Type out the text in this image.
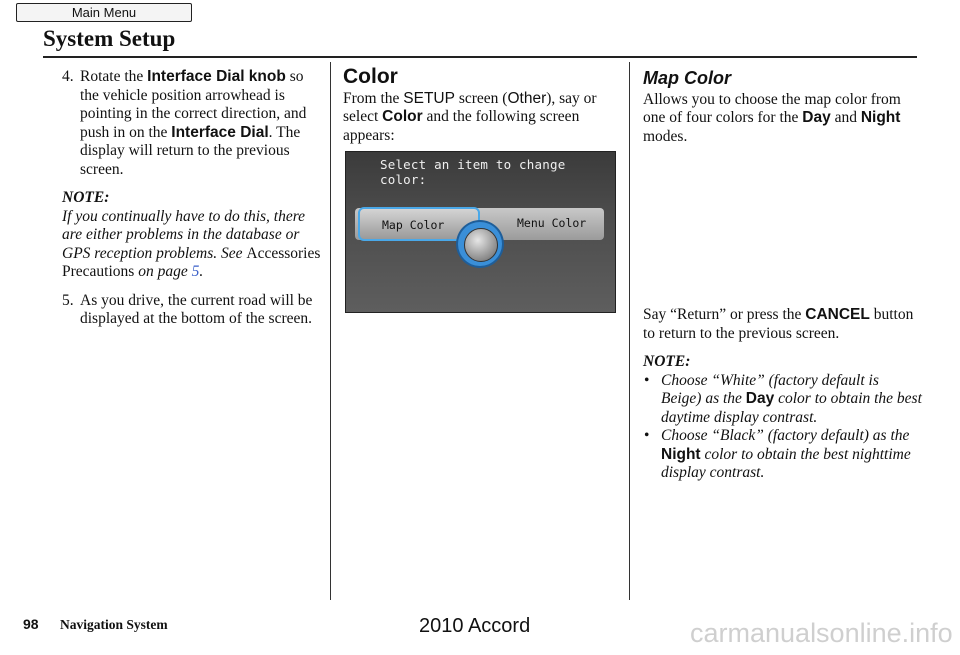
Main Menu
System Setup
4. Rotate the Interface Dial knob so the vehicle position arrowhead is pointing in the correct direction, and push in on the Interface Dial. The display will return to the previous screen.

NOTE:

If you continually have to do this, there are either problems in the database or GPS reception problems. See Accessories Precautions on page 5.

5. As you drive, the current road will be displayed at the bottom of the screen.
Color

From the SETUP screen (Other), say or select Color and the following screen appears:

Select an item to change color:
Map Color	Menu Color
Map Color

Allows you to choose the map color from one of four colors for the Day and Night modes.

Say “Return” or press the CANCEL button to return to the previous screen.

NOTE:

• Choose “White” (factory default is Beige) as the Day color to obtain the best daytime display contrast.
• Choose “Black” (factory default) as the Night color to obtain the best nighttime display contrast.
98 Navigation System	2010 Accord	carmanualsonline.info
